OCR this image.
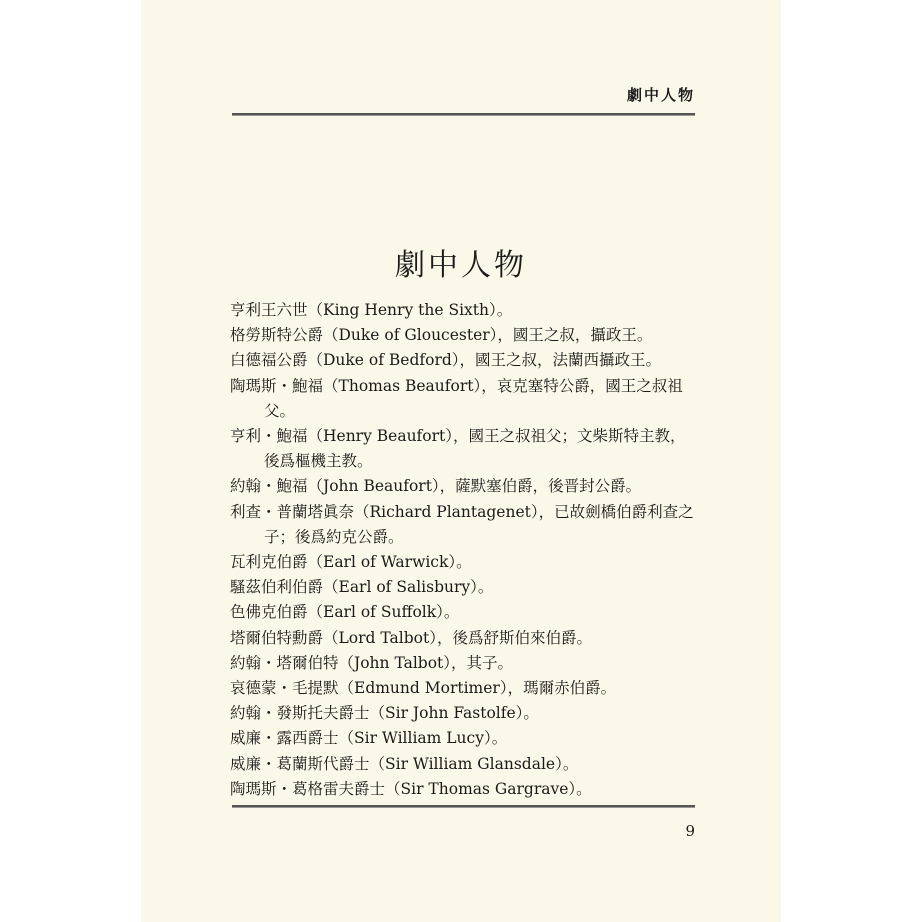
劇中人物
劇中人物
亨利王六世（King Henry the Sixth）。
格勞斯特公爵（Duke of Gloucester），國王之叔，攝政王。
白德福公爵（Duke of Bedford），國王之叔，法蘭西攝政王。
陶瑪斯・鮑福（Thomas Beaufort），哀克塞特公爵，國王之叔祖父。
亨利・鮑福（Henry Beaufort），國王之叔祖父；文柴斯特主教，後爲樞機主教。
約翰・鮑福（John Beaufort），薩默塞伯爵，後晋封公爵。
利查・普蘭塔眞奈（Richard Plantagenet），已故劍橋伯爵利查之子；後爲約克公爵。
瓦利克伯爵（Earl of Warwick）。
騷茲伯利伯爵（Earl of Salisbury）。
色佛克伯爵（Earl of Suffolk）。
塔爾伯特勳爵（Lord Talbot），後爲舒斯伯來伯爵。
約翰・塔爾伯特（John Talbot），其子。
哀德蒙・毛提默（Edmund Mortimer），瑪爾赤伯爵。
約翰・發斯托夫爵士（Sir John Fastolfe）。
威廉・露西爵士（Sir William Lucy）。
威廉・葛蘭斯代爵士（Sir William Glansdale）。
陶瑪斯・葛格雷夫爵士（Sir Thomas Gargrave）。
9
